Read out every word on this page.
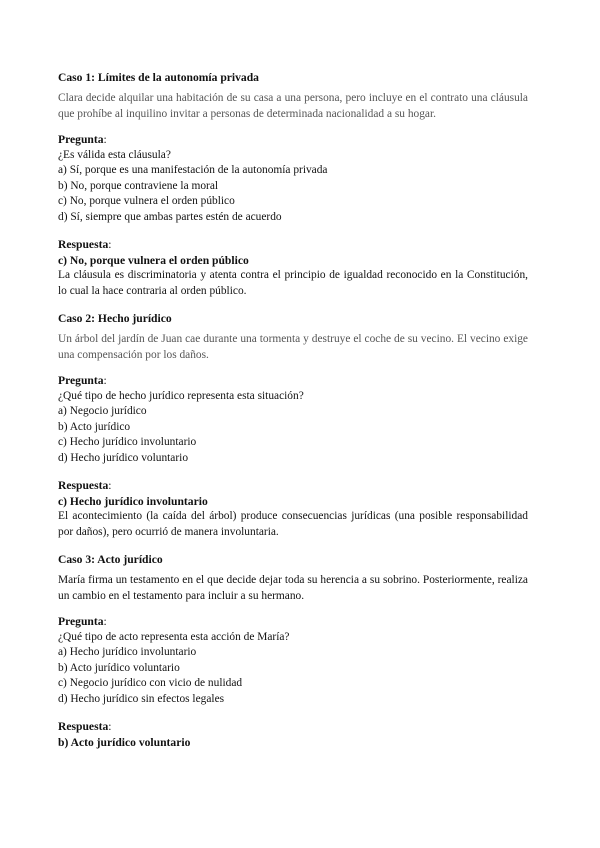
Caso 1: Límites de la autonomía privada

Clara decide alquilar una habitación de su casa a una persona, pero incluye en el contrato una cláusula que prohíbe al inquilino invitar a personas de determinada nacionalidad a su hogar.

Pregunta:

¿Es válida esta cláusula?

a) Sí, porque es una manifestación de la autonomía privada

b) No, porque contraviene la moral

c) No, porque vulnera el orden público

d) Sí, siempre que ambas partes estén de acuerdo

Respuesta:

c) No, porque vulnera el orden público

La cláusula es discriminatoria y atenta contra el principio de igualdad reconocido en la Constitución, lo cual la hace contraria al orden público.

Caso 2: Hecho jurídico

Un árbol del jardín de Juan cae durante una tormenta y destruye el coche de su vecino. El vecino exige una compensación por los daños.

Pregunta:

¿Qué tipo de hecho jurídico representa esta situación?

a) Negocio jurídico

b) Acto jurídico

c) Hecho jurídico involuntario

d) Hecho jurídico voluntario

Respuesta:

c) Hecho jurídico involuntario

El acontecimiento (la caída del árbol) produce consecuencias jurídicas (una posible responsabilidad por daños), pero ocurrió de manera involuntaria.

Caso 3: Acto jurídico

María firma un testamento en el que decide dejar toda su herencia a su sobrino. Posteriormente, realiza un cambio en el testamento para incluir a su hermano.

Pregunta:

¿Qué tipo de acto representa esta acción de María?

a) Hecho jurídico involuntario

b) Acto jurídico voluntario

c) Negocio jurídico con vicio de nulidad

d) Hecho jurídico sin efectos legales

Respuesta:

b) Acto jurídico voluntario
